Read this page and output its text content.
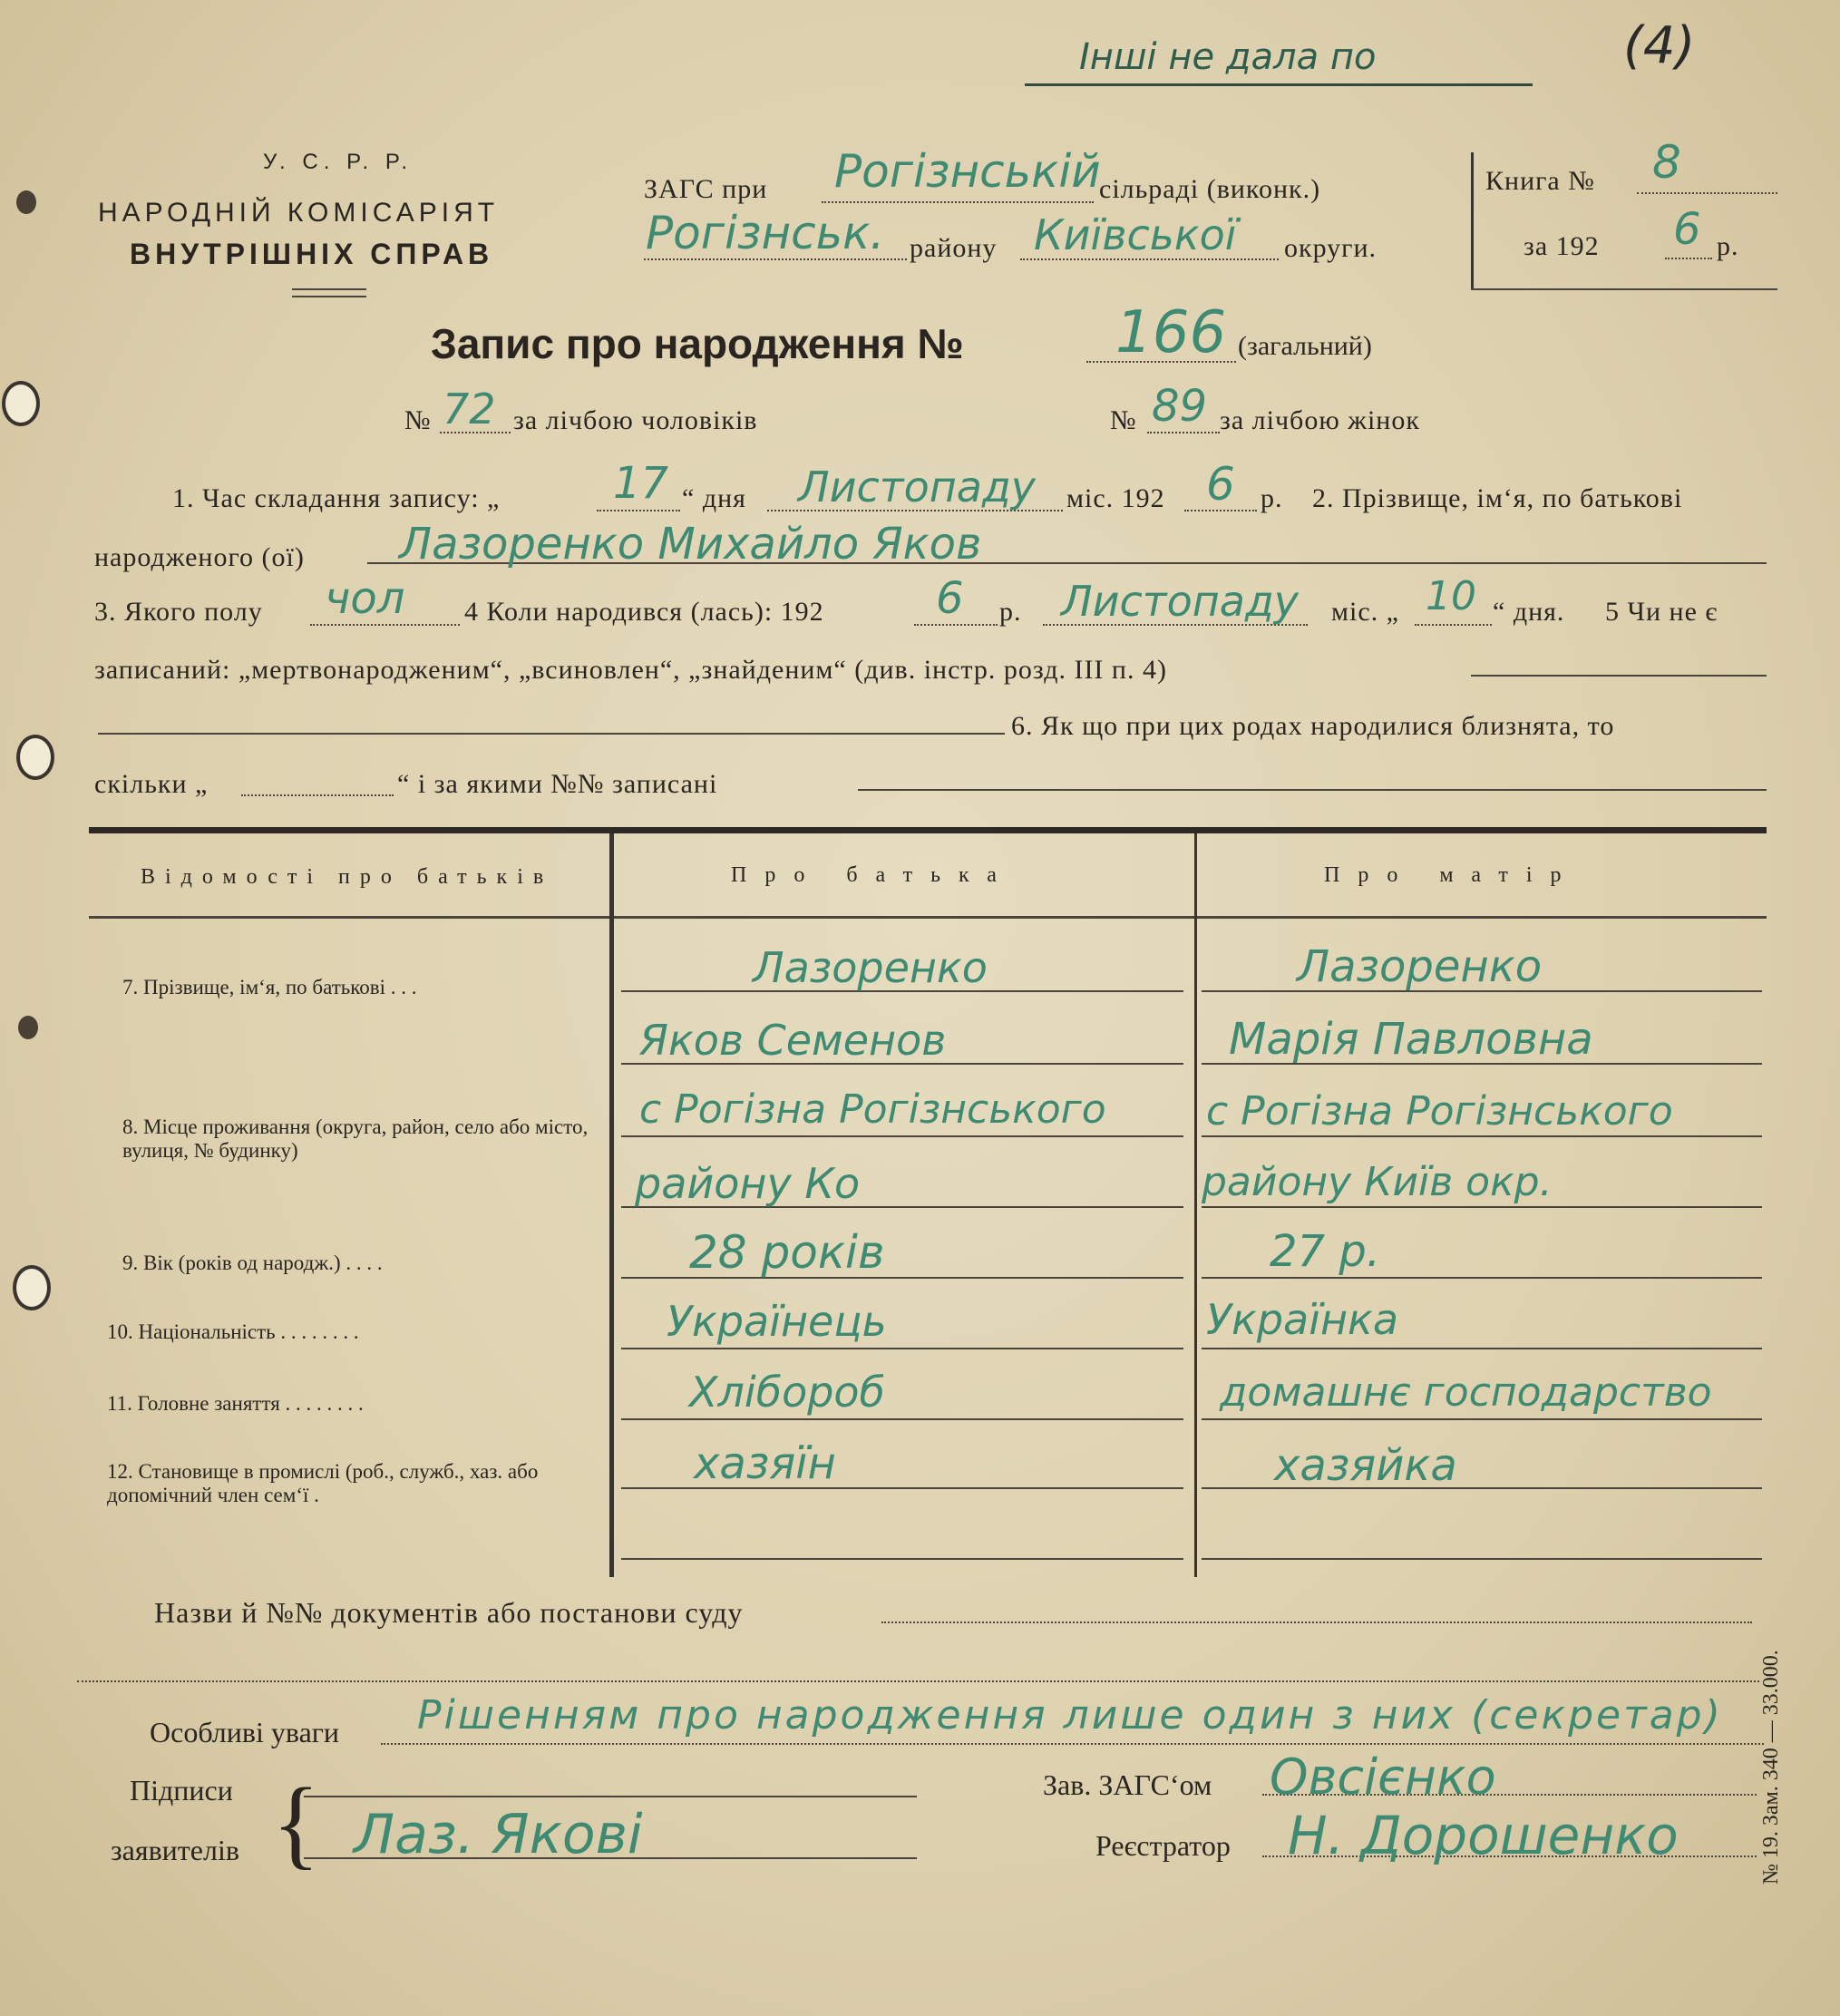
Інші не дала по	(4)
У. С. Р. Р.
НАРОДНІЙ КОМІСАРІЯТ
ВНУТРІШНІХ СПРАВ
ЗАГС при Рогізнській
сільраді (виконк.)
Рогізнськ. району Київської округи.
Книга № 8
за 192 6 р.
Запис про народження №	166 (загальний)
№ 72 за лічбою чоловіків	№ 89 за лічбою жінок
1. Час складання запису: „	17 “ дня Листопаду міс. 192 6 р. 2. Прізвище, ім‘я, по батькові
народженого (ої) Лазоренко Михайло Яков
3. Якого полу чол 4 Коли народився (лась): 192	6 р. Листопаду міс. „ 10 “ дня. 5 Чи не є
записаний: „мертвонародженим“, „всиновлен“, „знайденим“ (див. інстр. розд. III п. 4)
6. Як що при цих родах народилися близнята, то
скільки „	“ і за якими №№ записані
Відомості про батьків	Про батька	Про матір
7. Прізвище, ім‘я, по батькові . . .	Лазоренко	Лазоренко
Яков Семенов	Марія Павловна
8. Місце проживання (округа, район, село або місто, вулиця, № будинку)
с Рогізна Рогізнського	с Рогізна Рогізнського
району Ко	району Київ окр.
9. Вік (років од народж.) . . . .	28 років	27 р.
10. Національність . . . . . . . .	Українець	Українка
11. Головне заняття . . . . . . . .	Хлібороб	домашнє господарство
12. Становище в промислі (роб., служб., хаз. або допомічний член сем‘ї .
хазяїн	хазяйка
Назви й №№ документів або постанови суду
Особливі уваги Рішенням про народження лише один з них (секретар)
Підписи
заявителів { Лаз. Якові
Зав. ЗАГС‘ом Овсієнко
Реєстратор Н. Дорошенко	№ 19. Зам. 340 — 33.000.
